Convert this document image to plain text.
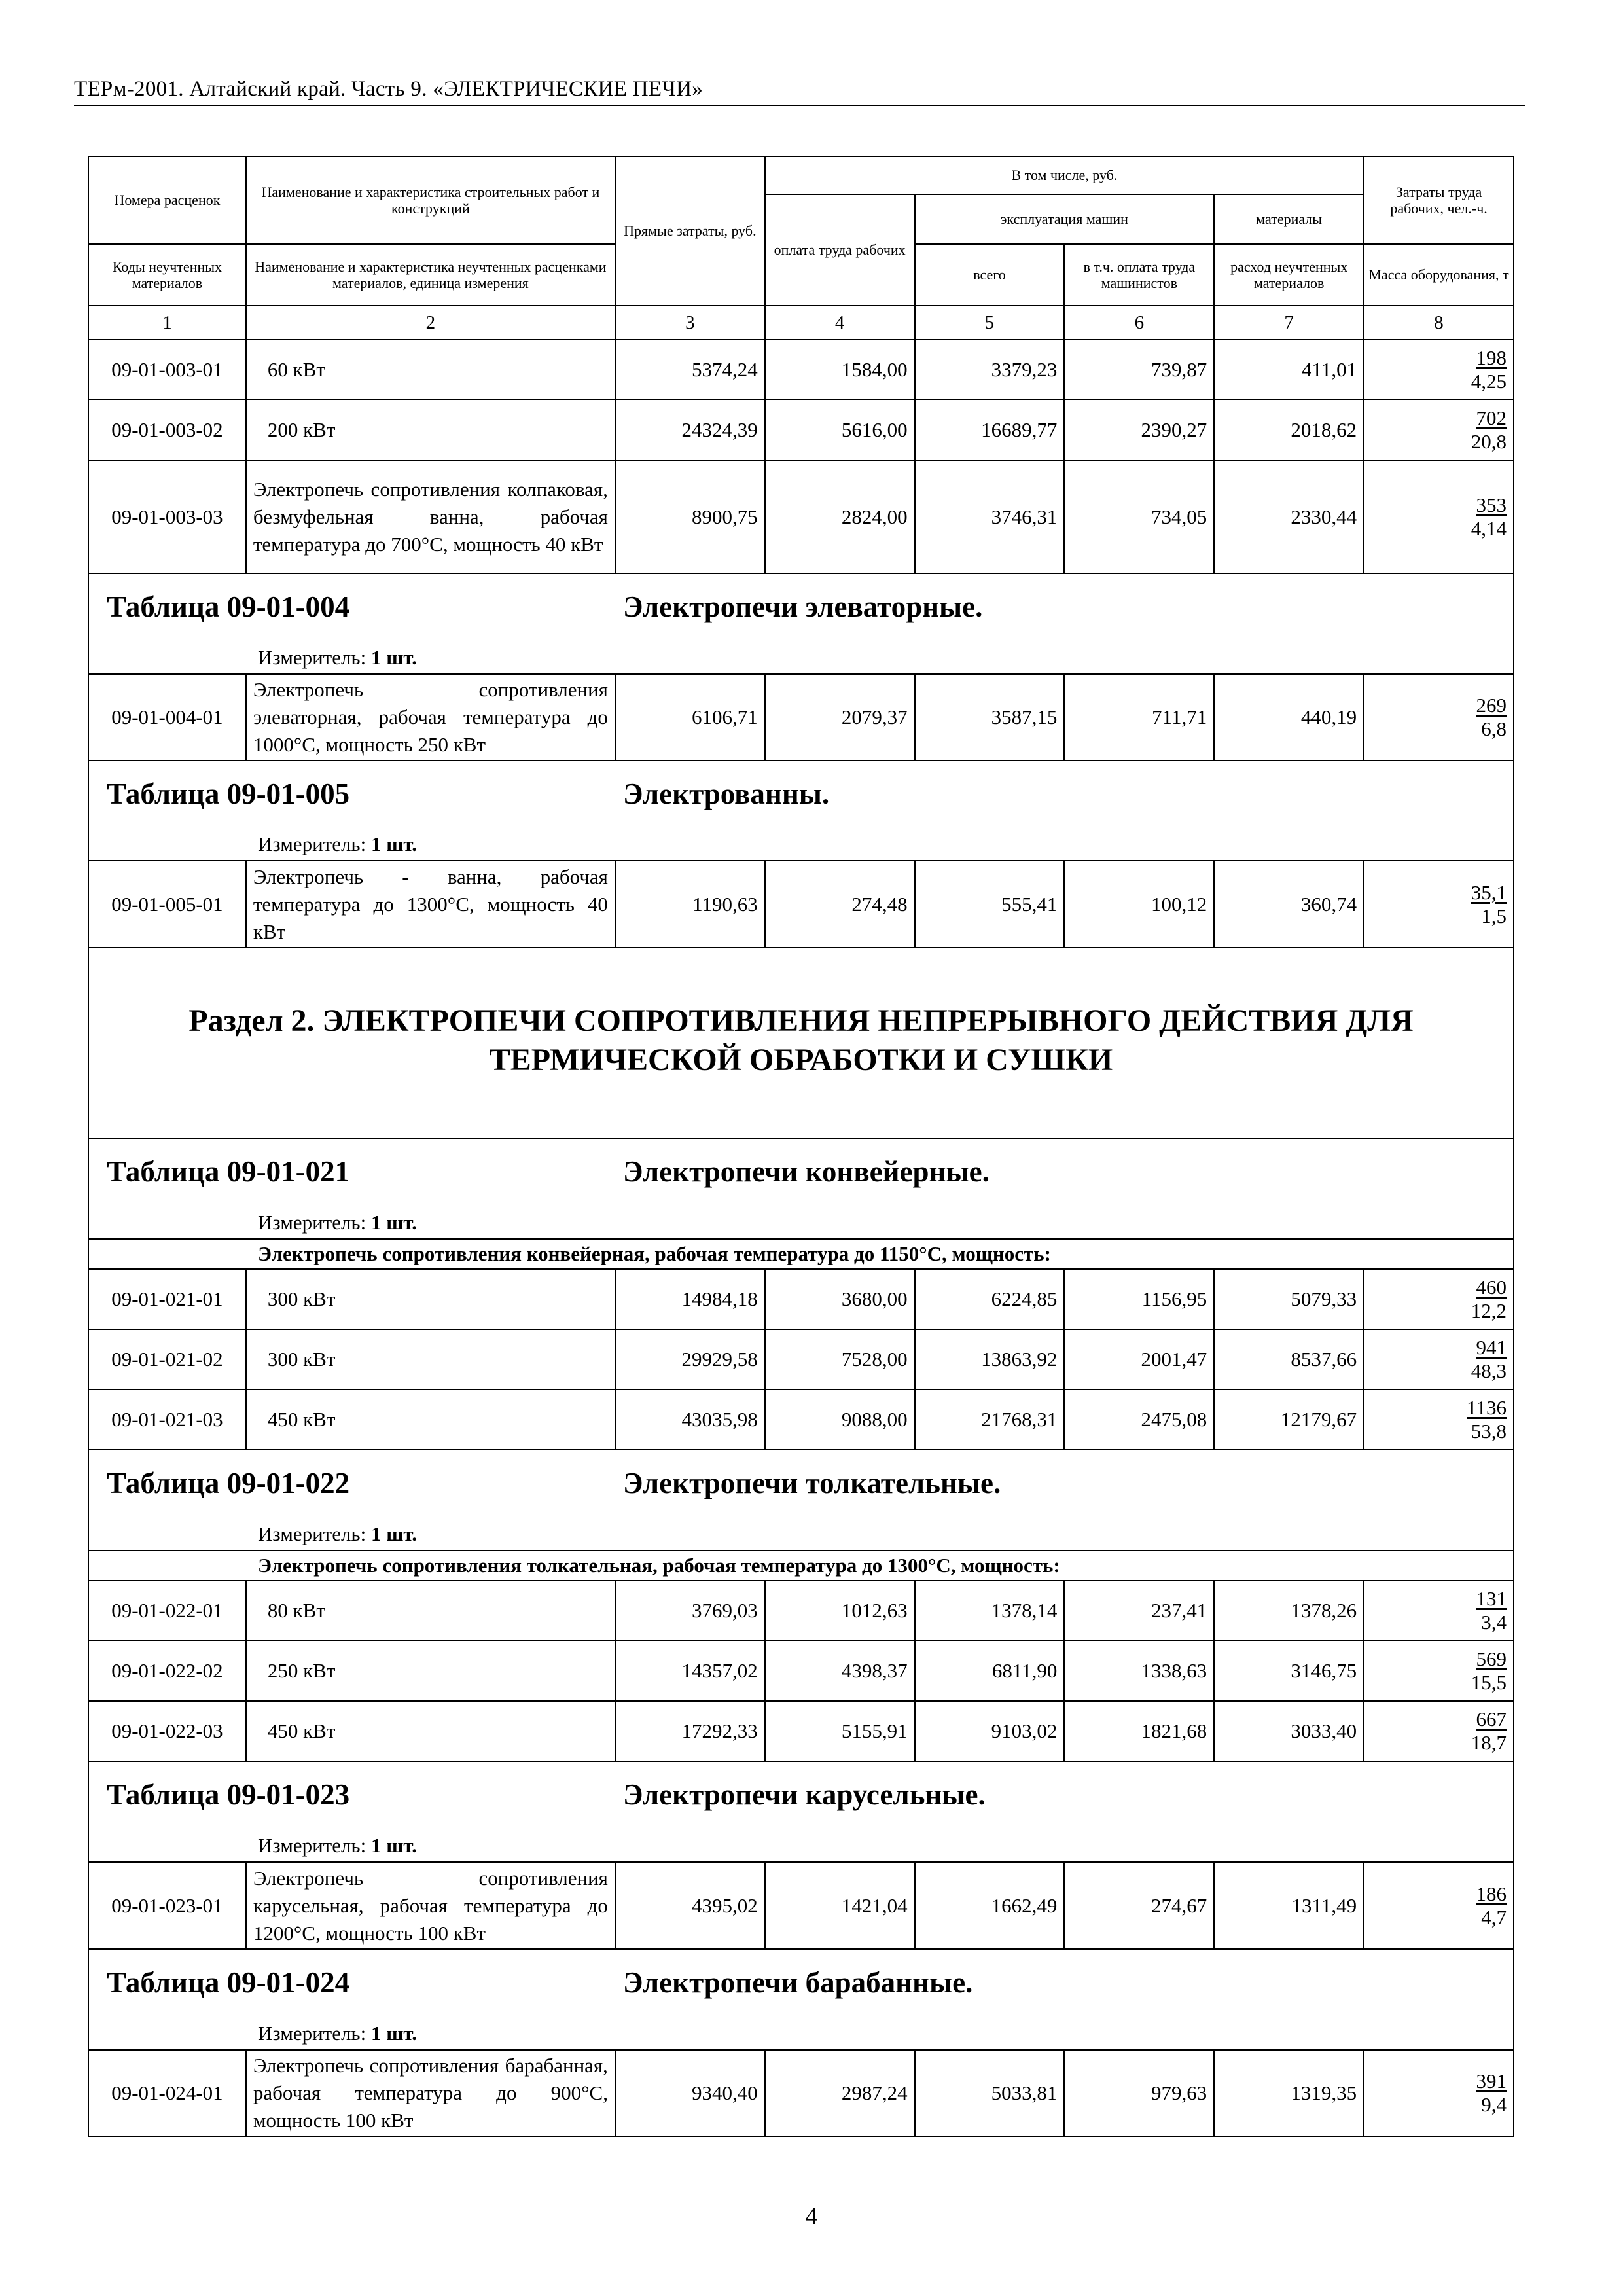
ТЕРм-2001. Алтайский край. Часть 9. «ЭЛЕКТРИЧЕСКИЕ ПЕЧИ»
Номера расценок	Наименование и характеристика строительных работ и конструкций	Прямые затраты, руб.	В том числе, руб.				Затраты труда рабочих, чел.-ч.
			оплата труда рабочих	эксплуатация машин		материалы	
Коды неучтенных материалов	Наименование и характеристика неучтенных расценками материалов, единица измерения			всего	в т.ч. оплата труда машинистов	расход неучтенных материалов	Масса оборудования, т
1	2	3	4	5	6	7	8
09-01-003-01	60 кВт	5374,24	1584,00	3379,23	739,87	411,01	$\frac{198}{4,25}$

09-01-003-02	200 кВт	24324,39	5616,00	16689,77	2390,27	2018,62	$\frac{702}{20,8}$

09-01-003-03	Электропечь сопротивления колпаковая, безмуфельная ванна, рабочая температура до 700°С, мощность 40 кВт	8900,75	2824,00	3746,31	734,05	2330,44	$\frac{353}{4,14}$

Таблица 09-01-004 Электропечи элеваторные.
Измеритель: 1 шт.							

09-01-004-01	Электропечь сопротивления элеваторная, рабочая температура до 1000°С, мощность 250 кВт	6106,71	2079,37	3587,15	711,71	440,19	$\frac{269}{6,8}$

Таблица 09-01-005 Электрованны.
Измеритель: 1 шт.							

09-01-005-01	Электропечь - ванна, рабочая температура до 1300°С, мощность 40 кВт	1190,63	274,48	555,41	100,12	360,74	$\frac{35,1}{1,5}$

Раздел 2. ЭЛЕКТРОПЕЧИ СОПРОТИВЛЕНИЯ НЕПРЕРЫВНОГО ДЕЙСТВИЯ ДЛЯ ТЕРМИЧЕСКОЙ ОБРАБОТКИ И СУШКИ							

Таблица 09-01-021 Электропечи конвейерные.
Измеритель: 1 шт.							

Электропечь сопротивления конвейерная, рабочая температура до 1150°С, мощность:							
09-01-021-01	300 кВт	14984,18	3680,00	6224,85	1156,95	5079,33	$\frac{460}{12,2}$

09-01-021-02	300 кВт	29929,58	7528,00	13863,92	2001,47	8537,66	$\frac{941}{48,3}$

09-01-021-03	450 кВт	43035,98	9088,00	21768,31	2475,08	12179,67	$\frac{1136}{53,8}$

Таблица 09-01-022 Электропечи толкательные.
Измеритель: 1 шт.							

Электропечь сопротивления толкательная, рабочая температура до 1300°С, мощность:							
09-01-022-01	80 кВт	3769,03	1012,63	1378,14	237,41	1378,26	$\frac{131}{3,4}$

09-01-022-02	250 кВт	14357,02	4398,37	6811,90	1338,63	3146,75	$\frac{569}{15,5}$

09-01-022-03	450 кВт	17292,33	5155,91	9103,02	1821,68	3033,40	$\frac{667}{18,7}$

Таблица 09-01-023 Электропечи карусельные.
Измеритель: 1 шт.							

09-01-023-01	Электропечь сопротивления карусельная, рабочая температура до 1200°С, мощность 100 кВт	4395,02	1421,04	1662,49	274,67	1311,49	$\frac{186}{4,7}$

Таблица 09-01-024 Электропечи барабанные.
Измеритель: 1 шт.							

09-01-024-01	Электропечь сопротивления барабанная, рабочая температура до 900°С, мощность 100 кВт	9340,40	2987,24	5033,81	979,63	1319,35	$\frac{391}{9,4}$
4
